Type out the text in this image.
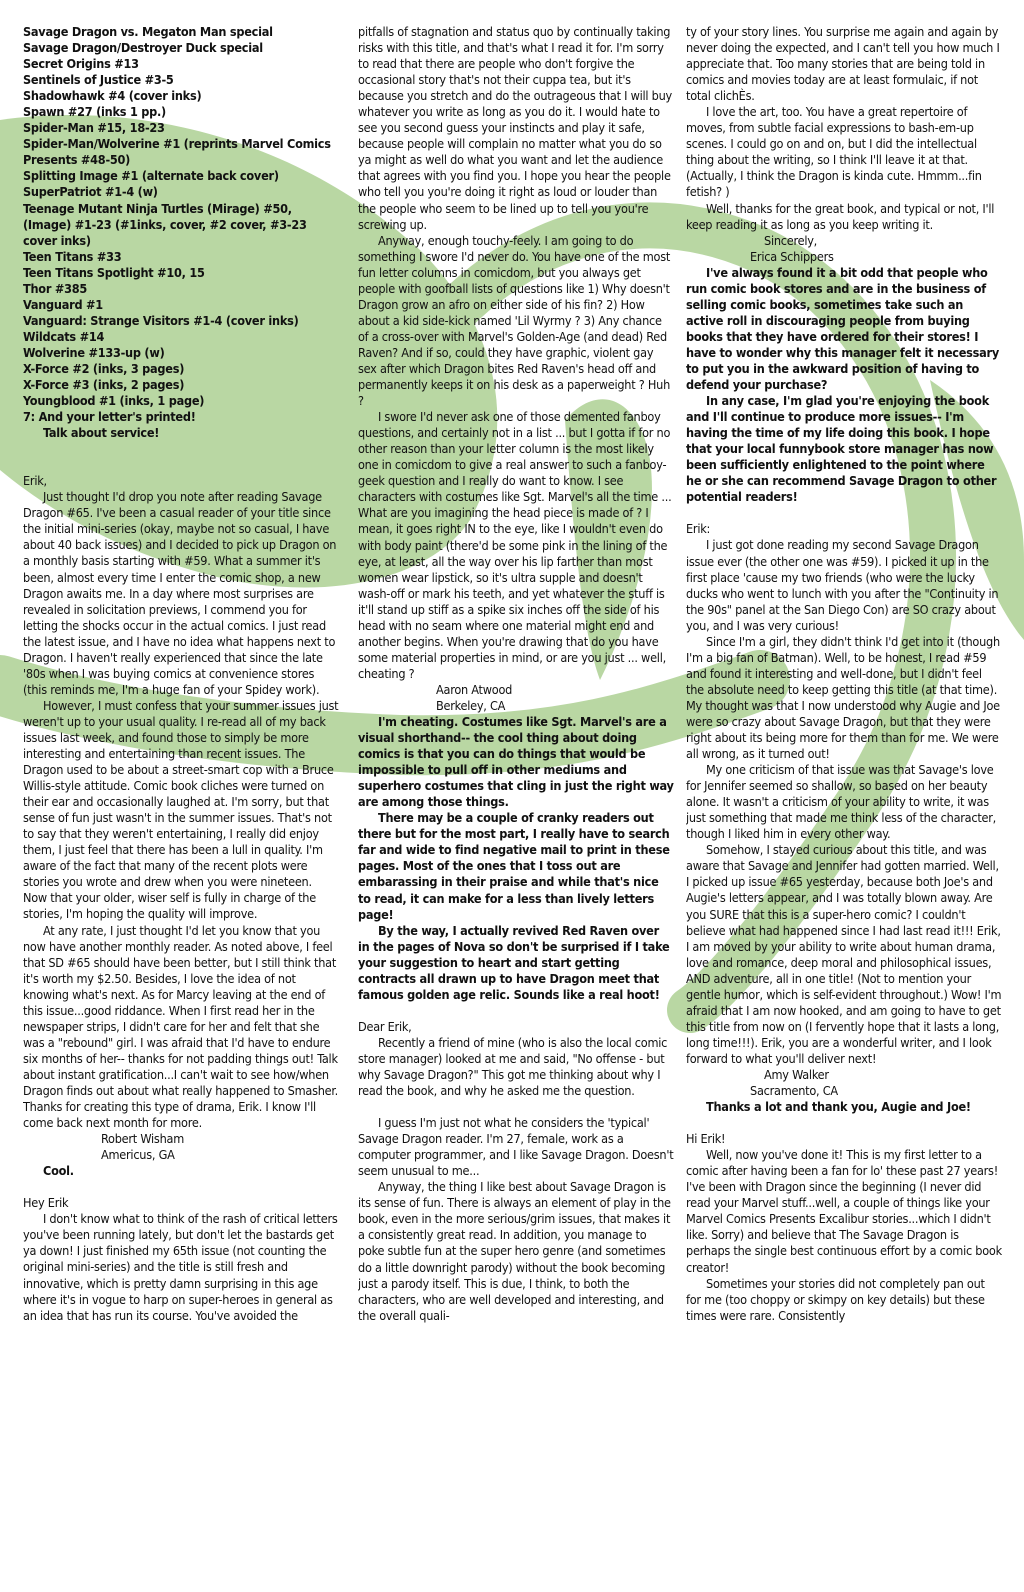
Savage Dragon vs. Megaton Man special

Savage Dragon/Destroyer Duck special

Secret Origins #13

Sentinels of Justice #3-5

Shadowhawk #4 (cover inks)

Spawn #27 (inks 1 pp.)

Spider-Man #15, 18-23

Spider-Man/Wolverine #1 (reprints Marvel Comics Presents #48-50)

Splitting Image #1 (alternate back cover)

SuperPatriot #1-4 (w)

Teenage Mutant Ninja Turtles (Mirage) #50, (Image) #1-23 (#1inks, cover, #2 cover, #3-23 cover inks)

Teen Titans #33

Teen Titans Spotlight #10, 15

Thor #385

Vanguard #1

Vanguard: Strange Visitors #1-4 (cover inks)

Wildcats #14

Wolverine #133-up (w)

X-Force #2 (inks, 3 pages)

X-Force #3 (inks, 2 pages)

Youngblood #1 (inks, 1 page)

7: And your letter's printed!

Talk about service!

Erik,

Just thought I'd drop you note after reading Savage Dragon #65. I've been a casual reader of your title since the initial mini-series (okay, maybe not so casual, I have about 40 back issues) and I decided to pick up Dragon on a monthly basis starting with #59. What a summer it's been, almost every time I enter the comic shop, a new Dragon awaits me. In a day where most surprises are revealed in solicitation previews, I commend you for letting the shocks occur in the actual comics. I just read the latest issue, and I have no idea what happens next to Dragon. I haven't really experienced that since the late '80s when I was buying comics at convenience stores (this reminds me, I'm a huge fan of your Spidey work).

However, I must confess that your summer issues just weren't up to your usual quality. I re-read all of my back issues last week, and found those to simply be more interesting and entertaining than recent issues. The Dragon used to be about a street-smart cop with a Bruce Willis-style attitude. Comic book cliches were turned on their ear and occasionally laughed at. I'm sorry, but that sense of fun just wasn't in the summer issues. That's not to say that they weren't entertaining, I really did enjoy them, I just feel that there has been a lull in quality. I'm aware of the fact that many of the recent plots were stories you wrote and drew when you were nineteen. Now that your older, wiser self is fully in charge of the stories, I'm hoping the quality will improve.

At any rate, I just thought I'd let you know that you now have another monthly reader. As noted above, I feel that SD #65 should have been better, but I still think that it's worth my $2.50. Besides, I love the idea of not knowing what's next. As for Marcy leaving at the end of this issue...good riddance. When I first read her in the newspaper strips, I didn't care for her and felt that she was a "rebound" girl. I was afraid that I'd have to endure six months of her-- thanks for not padding things out! Talk about instant gratification...I can't wait to see how/when Dragon finds out about what really happened to Smasher. Thanks for creating this type of drama, Erik. I know I'll come back next month for more.

Robert Wisham

Americus, GA

Cool.

Hey Erik

I don't know what to think of the rash of critical letters you've been running lately, but don't let the bastards get ya down! I just finished my 65th issue (not counting the original mini-series) and the title is still fresh and innovative, which is pretty damn surprising in this age where it's in vogue to harp on super-heroes in general as an idea that has run its course. You've avoided the

pitfalls of stagnation and status quo by continually taking risks with this title, and that's what I read it for. I'm sorry to read that there are people who don't forgive the occasional story that's not their cuppa tea, but it's because you stretch and do the outrageous that I will buy whatever you write as long as you do it. I would hate to see you second guess your instincts and play it safe, because people will complain no matter what you do so ya might as well do what you want and let the audience that agrees with you find you. I hope you hear the people who tell you you're doing it right as loud or louder than the people who seem to be lined up to tell you you're screwing up.

Anyway, enough touchy-feely. I am going to do something I swore I'd never do. You have one of the most fun letter columns in comicdom, but you always get people with goofball lists of questions like 1) Why doesn't Dragon grow an afro on either side of his fin? 2) How about a kid side-kick named 'Lil Wyrmy ? 3) Any chance of a cross-over with Marvel's Golden-Age (and dead) Red Raven? And if so, could they have graphic, violent gay sex after which Dragon bites Red Raven's head off and permanently keeps it on his desk as a paperweight ? Huh ?

I swore I'd never ask one of those demented fanboy questions, and certainly not in a list ... but I gotta if for no other reason than your letter column is the most likely one in comicdom to give a real answer to such a fanboy-geek question and I really do want to know. I see characters with costumes like Sgt. Marvel's all the time ... What are you imagining the head piece is made of ? I mean, it goes right IN to the eye, like I wouldn't even do with body paint (there'd be some pink in the lining of the eye, at least, all the way over his lip farther than most women wear lipstick, so it's ultra supple and doesn't wash-off or mark his teeth, and yet whatever the stuff is it'll stand up stiff as a spike six inches off the side of his head with no seam where one material might end and another begins. When you're drawing that do you have some material properties in mind, or are you just ... well, cheating ?

Aaron Atwood

Berkeley, CA

I'm cheating. Costumes like Sgt. Marvel's are a visual shorthand-- the cool thing about doing comics is that you can do things that would be impossible to pull off in other mediums and superhero costumes that cling in just the right way are among those things.

There may be a couple of cranky readers out there but for the most part, I really have to search far and wide to find negative mail to print in these pages. Most of the ones that I toss out are embarassing in their praise and while that's nice to read, it can make for a less than lively letters page!

By the way, I actually revived Red Raven over in the pages of Nova so don't be surprised if I take your suggestion to heart and start getting contracts all drawn up to have Dragon meet that famous golden age relic. Sounds like a real hoot!

Dear Erik,

Recently a friend of mine (who is also the local comic store manager) looked at me and said, "No offense - but why Savage Dragon?" This got me thinking about why I read the book, and why he asked me the question.

I guess I'm just not what he considers the 'typical' Savage Dragon reader. I'm 27, female, work as a computer programmer, and I like Savage Dragon. Doesn't seem unusual to me...

Anyway, the thing I like best about Savage Dragon is its sense of fun. There is always an element of play in the book, even in the more serious/grim issues, that makes it a consistently great read. In addition, you manage to poke subtle fun at the super hero genre (and sometimes do a little downright parody) without the book becoming just a parody itself. This is due, I think, to both the characters, who are well developed and interesting, and the overall quali-

ty of your story lines. You surprise me again and again by never doing the expected, and I can't tell you how much I appreciate that. Too many stories that are being told in comics and movies today are at least formulaic, if not total clichÈs.

I love the art, too. You have a great repertoire of moves, from subtle facial expressions to bash-em-up scenes. I could go on and on, but I did the intellectual thing about the writing, so I think I'll leave it at that. (Actually, I think the Dragon is kinda cute. Hmmm...fin fetish? )

Well, thanks for the great book, and typical or not, I'll keep reading it as long as you keep writing it.

Sincerely,

Erica Schippers

I've always found it a bit odd that people who run comic book stores and are in the business of selling comic books, sometimes take such an active roll in discouraging people from buying books that they have ordered for their stores! I have to wonder why this manager felt it necessary to put you in the awkward position of having to defend your purchase?

In any case, I'm glad you're enjoying the book and I'll continue to produce more issues-- I'm having the time of my life doing this book. I hope that your local funnybook store manager has now been sufficiently enlightened to the point where he or she can recommend Savage Dragon to other potential readers!

Erik:

I just got done reading my second Savage Dragon issue ever (the other one was #59). I picked it up in the first place 'cause my two friends (who were the lucky ducks who went to lunch with you after the "Continuity in the 90s" panel at the San Diego Con) are SO crazy about you, and I was very curious!

Since I'm a girl, they didn't think I'd get into it (though I'm a big fan of Batman). Well, to be honest, I read #59 and found it interesting and well-done, but I didn't feel the absolute need to keep getting this title (at that time). My thought was that I now understood why Augie and Joe were so crazy about Savage Dragon, but that they were right about its being more for them than for me. We were all wrong, as it turned out!

My one criticism of that issue was that Savage's love for Jennifer seemed so shallow, so based on her beauty alone. It wasn't a criticism of your ability to write, it was just something that made me think less of the character, though I liked him in every other way.

Somehow, I stayed curious about this title, and was aware that Savage and Jennifer had gotten married. Well, I picked up issue #65 yesterday, because both Joe's and Augie's letters appear, and I was totally blown away. Are you SURE that this is a super-hero comic? I couldn't believe what had happened since I had last read it!!! Erik, I am moved by your ability to write about human drama, love and romance, deep moral and philosophical issues, AND adventure, all in one title! (Not to mention your gentle humor, which is self-evident throughout.) Wow! I'm afraid that I am now hooked, and am going to have to get this title from now on (I fervently hope that it lasts a long, long time!!!). Erik, you are a wonderful writer, and I look forward to what you'll deliver next!

Amy Walker

Sacramento, CA

Thanks a lot and thank you, Augie and Joe!

Hi Erik!

Well, now you've done it! This is my first letter to a comic after having been a fan for lo' these past 27 years! I've been with Dragon since the beginning (I never did read your Marvel stuff...well, a couple of things like your Marvel Comics Presents Excalibur stories...which I didn't like. Sorry) and believe that The Savage Dragon is perhaps the single best continuous effort by a comic book creator!

Sometimes your stories did not completely pan out for me (too choppy or skimpy on key details) but these times were rare. Consistently
